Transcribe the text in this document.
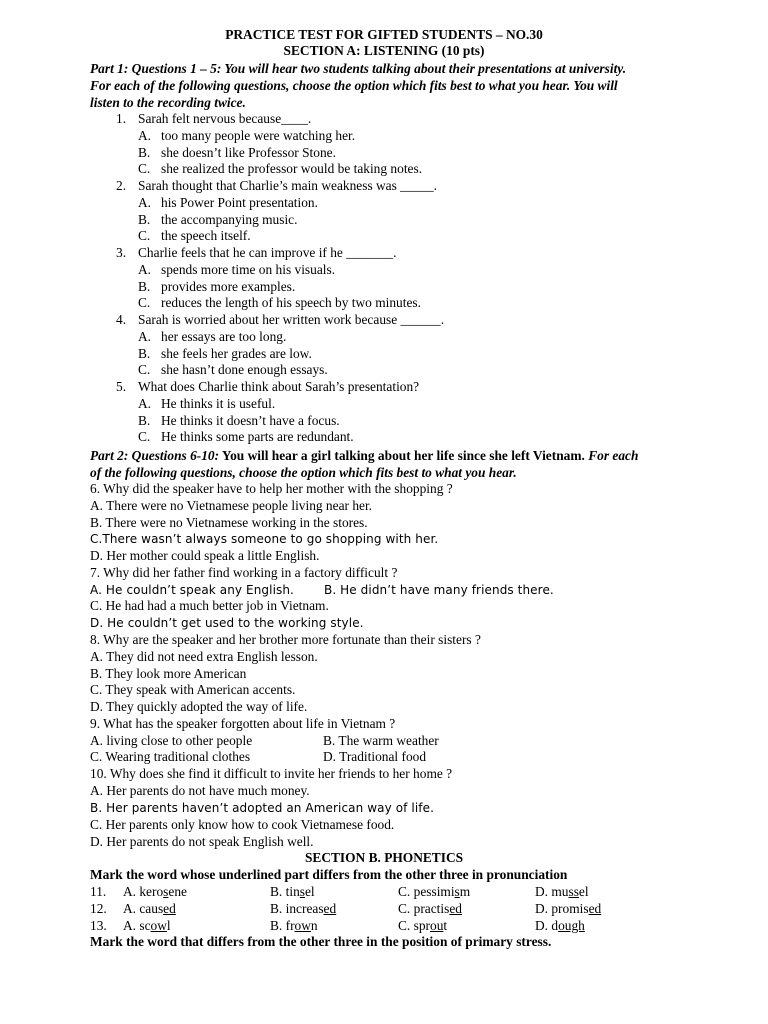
PRACTICE TEST FOR GIFTED STUDENTS – NO.30
SECTION A: LISTENING (10 pts)
Part 1: Questions 1 – 5: You will hear two students talking about their presentations at university.
For each of the following questions, choose the option which fits best to what you hear. You will
listen to the recording twice.
1. Sarah felt nervous because____.
A. too many people were watching her.
B. she doesn’t like Professor Stone.
C. she realized the professor would be taking notes.
2. Sarah thought that Charlie’s main weakness was _____.
A. his Power Point presentation.
B. the accompanying music.
C. the speech itself.
3. Charlie feels that he can improve if he _______.
A. spends more time on his visuals.
B. provides more examples.
C. reduces the length of his speech by two minutes.
4. Sarah is worried about her written work because ______.
A. her essays are too long.
B. she feels her grades are low.
C. she hasn’t done enough essays.
5. What does Charlie think about Sarah’s presentation?
A. He thinks it is useful.
B. He thinks it doesn’t have a focus.
C. He thinks some parts are redundant.
Part 2: Questions 6-10: You will hear a girl talking about her life since she left Vietnam. For each
of the following questions, choose the option which fits best to what you hear.
6. Why did the speaker have to help her mother with the shopping ?
A. There were no Vietnamese people living near her.
B. There were no Vietnamese working in the stores.
C.There wasn’t always someone to go shopping with her.
D. Her mother could speak a little English.
7. Why did her father find working in a factory difficult ?
A. He couldn’t speak any English.	B. He didn’t have many friends there.
C. He had had a much better job in Vietnam.
D. He couldn’t get used to the working style.
8. Why are the speaker and her brother more fortunate than their sisters ?
A. They did not need extra English lesson.
B. They look more American
C. They speak with American accents.
D. They quickly adopted the way of life.
9. What has the speaker forgotten about life in Vietnam ?
A. living close to other people	B. The warm weather
C. Wearing traditional clothes	D. Traditional food
10. Why does she find it difficult to invite her friends to her home ?
A. Her parents do not have much money.
B. Her parents haven’t adopted an American way of life.
C. Her parents only know how to cook Vietnamese food.
D. Her parents do not speak English well.
SECTION B. PHONETICS
Mark the word whose underlined part differs from the other three in pronunciation
11. A. kerosene	B. tinsel	C. pessimism	D. mussel
12. A. caused	B. increased	C. practised	D. promised
13. A. scowl	B. frown	C. sprout	D. dough
Mark the word that differs from the other three in the position of primary stress.
